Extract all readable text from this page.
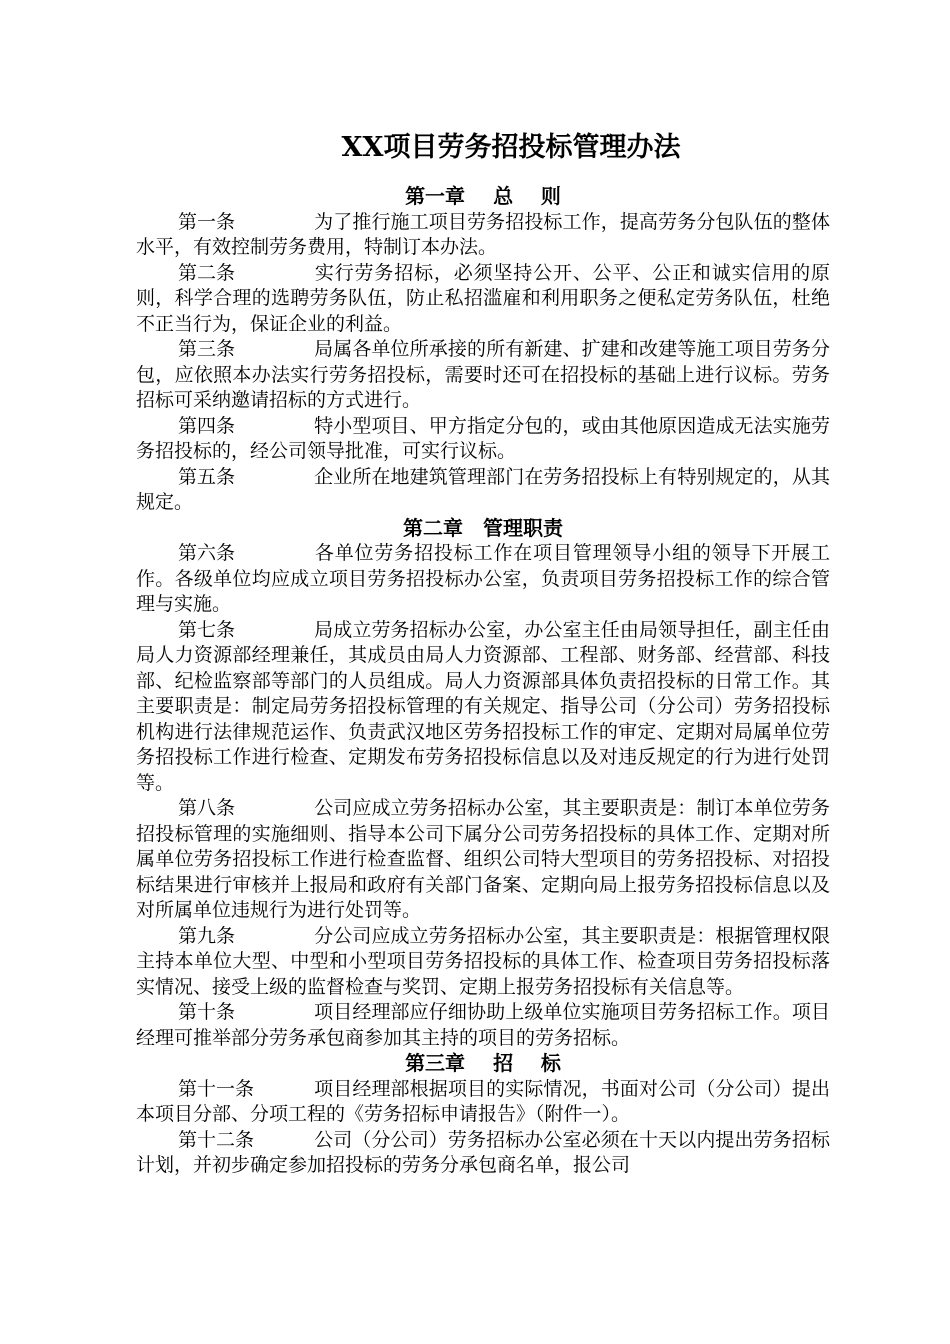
XX项目劳务招投标管理办法
第一章 总    则

第一条	为了推行施工项目劳务招投标工作，提高劳务分包队伍的整体水平，有效控制劳务费用，特制订本办法。

第二条	实行劳务招标，必须坚持公开、公平、公正和诚实信用的原则，科学合理的选聘劳务队伍，防止私招滥雇和利用职务之便私定劳务队伍，杜绝不正当行为，保证企业的利益。

第三条	局属各单位所承接的所有新建、扩建和改建等施工项目劳务分包，应依照本办法实行劳务招投标，需要时还可在招投标的基础上进行议标。劳务招标可采纳邀请招标的方式进行。

第四条	特小型项目、甲方指定分包的，或由其他原因造成无法实施劳务招投标的，经公司领导批准，可实行议标。

第五条	企业所在地建筑管理部门在劳务招投标上有特别规定的，从其规定。

第二章 管理职责

第六条	各单位劳务招投标工作在项目管理领导小组的领导下开展工作。各级单位均应成立项目劳务招投标办公室，负责项目劳务招投标工作的综合管理与实施。

第七条	局成立劳务招标办公室，办公室主任由局领导担任，副主任由局人力资源部经理兼任，其成员由局人力资源部、工程部、财务部、经营部、科技部、纪检监察部等部门的人员组成。局人力资源部具体负责招投标的日常工作。其主要职责是：制定局劳务招投标管理的有关规定、指导公司（分公司）劳务招投标机构进行法律规范运作、负责武汉地区劳务招投标工作的审定、定期对局属单位劳务招投标工作进行检查、定期发布劳务招投标信息以及对违反规定的行为进行处罚等。

第八条	公司应成立劳务招标办公室，其主要职责是：制订本单位劳务招投标管理的实施细则、指导本公司下属分公司劳务招投标的具体工作、定期对所属单位劳务招投标工作进行检查监督、组织公司特大型项目的劳务招投标、对招投标结果进行审核并上报局和政府有关部门备案、定期向局上报劳务招投标信息以及对所属单位违规行为进行处罚等。

第九条	分公司应成立劳务招标办公室，其主要职责是：根据管理权限主持本单位大型、中型和小型项目劳务招投标的具体工作、检查项目劳务招投标落实情况、接受上级的监督检查与奖罚、定期上报劳务招投标有关信息等。

第十条	项目经理部应仔细协助上级单位实施项目劳务招标工作。项目经理可推举部分劳务承包商参加其主持的项目的劳务招标。

第三章 招    标

第十一条	项目经理部根据项目的实际情况，书面对公司（分公司）提出本项目分部、分项工程的《劳务招标申请报告》（附件一）。

第十二条	公司（分公司）劳务招标办公室必须在十天以内提出劳务招标计划，并初步确定参加招投标的劳务分承包商名单，报公司
